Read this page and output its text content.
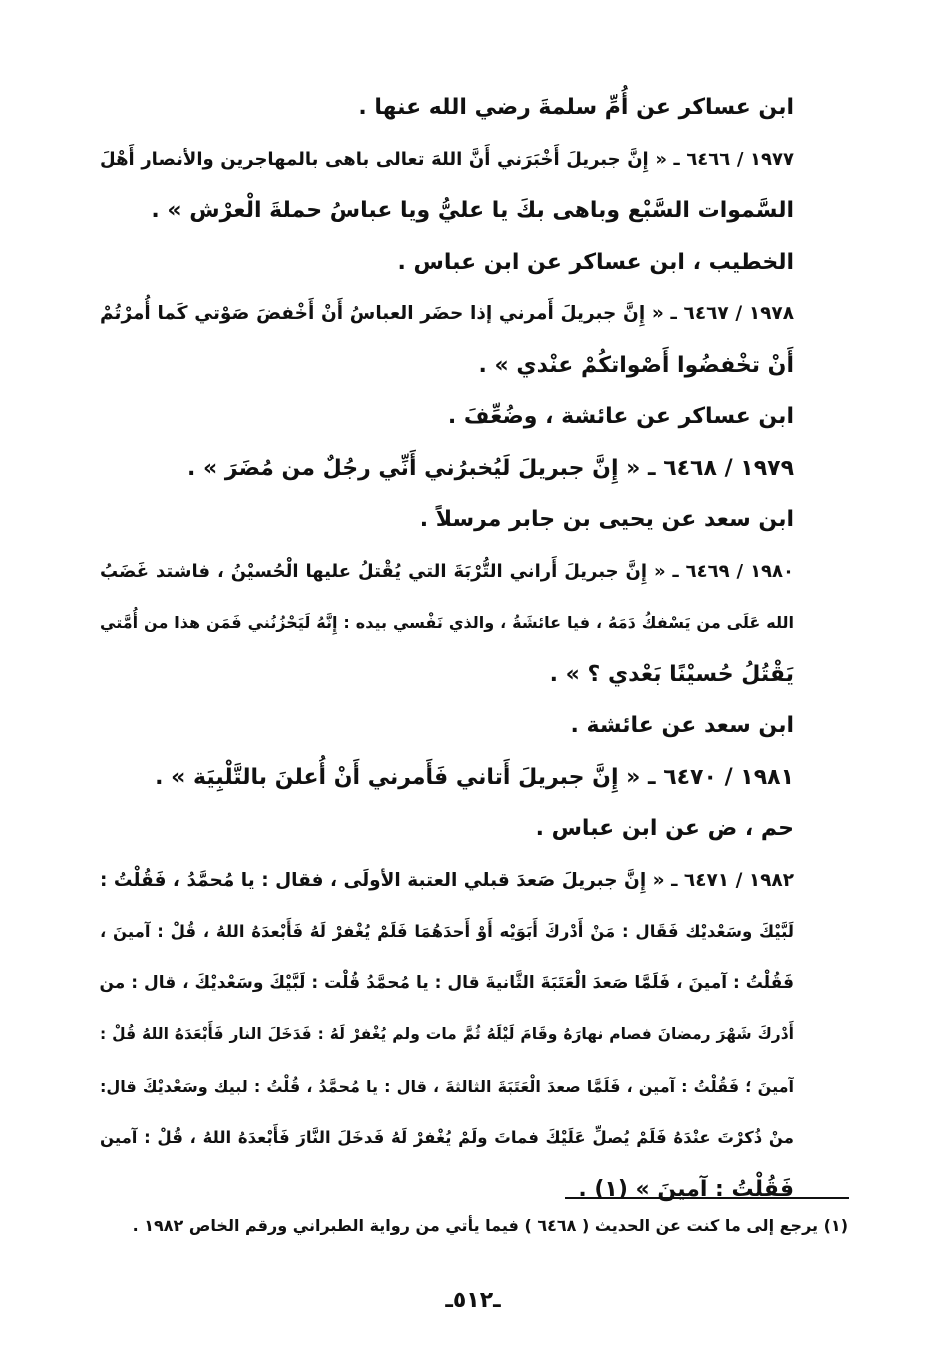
ابن عساكر عن أُمِّ سلمةَ رضي الله عنها .
١٩٧٧ / ٦٤٦٦ ـ « إِنَّ جبريلَ أَخْبَرَني أَنَّ اللهَ تعالى باهى بالمهاجرين والأنصار أَهْلَ
السَّموات السَّبْع وباهى بكَ يا عليُّ ويا عباسُ حملةَ الْعرْش » .
الخطيب ، ابن عساكر عن ابن عباس .
١٩٧٨ / ٦٤٦٧ ـ « إِنَّ جبريلَ أَمرني إذا حضَر العباسُ أَنْ أَخْفضَ صَوْتي كَما أُمرْتُمْ
أَنْ تخْفضُوا أَصْواتكُمْ عنْدي » .
ابن عساكر عن عائشة ، وضُعِّفَ .
١٩٧٩ / ٦٤٦٨ ـ « إِنَّ جبريلَ لَيُخبرُني أَنِّي رجُلٌ من مُضَرَ » .
ابن سعد عن يحيى بن جابر مرسلاً .
١٩٨٠ / ٦٤٦٩ ـ « إِنَّ جبريلَ أَراني التُّرْبَةَ التي يُقْتلُ عليها الْحُسيْنُ ، فاشتد غَضَبُ
الله عَلَى من يَسْفكُ دَمَهُ ، فيا عائشَةُ ، والذي نَفْسي بيده : إِنَّهُ لَيَحْزُنُني فَمَن هذا من أُمَّتي
يَقْتُلُ حُسيْنًا بَعْدي ؟ » .
ابن سعد عن عائشة .
١٩٨١ / ٦٤٧٠ ـ « إِنَّ جبريلَ أَتاني فَأَمرني أَنْ أُعلنَ بالتَّلْبِيَة » .
حم ، ض عن ابن عباس .
١٩٨٢ / ٦٤٧١ ـ « إِنَّ جبريلَ صَعدَ قبلي العتبة الأولَى ، فقال : يا مُحمَّدُ ، فَقُلْتُ :
لَبَّيْكَ وسَعْديْك فَقَال : مَنْ أَدْركَ أَبَوَيْه أَوْ أَحدَهُمَا فَلَمْ يُغْفرْ لَهُ فَأَبْعدَهُ اللهُ ، قُلْ : آمينَ ،
فَقُلْتُ : آمينَ ، فَلَمَّا صَعدَ الْعَتَبَةَ الثَّانيةَ قال : يا مُحمَّدُ قُلْت : لَبَّيْكَ وسَعْديْكَ ، قال : من
أَدْركَ شَهْرَ رمضانَ فصام نهارَهُ وقَامَ لَيْلَهُ ثُمَّ مات ولم يُغْفرْ لَهُ : فَدَخَلَ النار فَأَبْعَدَهُ اللهُ قُلْ :
آمينَ ؛ فَقُلْتُ : آمين ، فَلَمَّا صعدَ الْعَتَبَةَ الثالثةَ ، قال : يا مُحمَّدُ ، قُلْتُ : لبيك وسَعْديْكَ قال:
منْ ذُكرْتَ عنْدَهُ فَلَمْ يُصلِّ عَلَيْكَ فماتَ ولَمْ يُغْفرْ لَهُ فَدخَلَ النَّارَ فَأَبْعدَهُ اللهُ ، قُلْ : آمين
فَقُلْتُ : آمينَ » (١) .
(١) يرجع إلى ما كنت عن الحديث ( ٦٤٦٨ ) فيما يأتي من رواية الطبراني ورقم الخاص ١٩٨٢ .
ـ٥١٢ـ
